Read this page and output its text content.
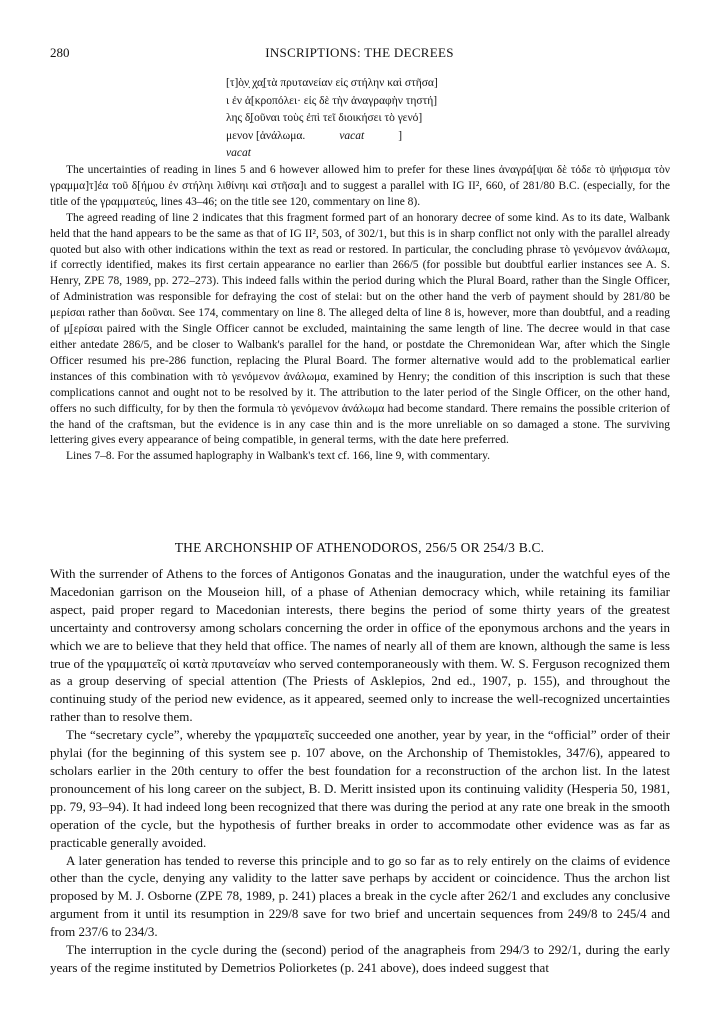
280	INSCRIPTIONS: THE DECREES
[τ]ὸ̣ν̣ χ̣α̣[τὰ πρυτανείαν εἰς στήλην καὶ στῆσα]
ι ἐν ἀ[κροπόλει· εἰς δὲ τὴν ἀναγραφὴν τηστή]
λης δ̣[οῦναι τοὺς ἐπὶ τεῖ διοικήσει τὸ γενό]
μενον [ἀνάλωμα.	vacat	]
vacat

The uncertainties of reading in lines 5 and 6 however allowed him to prefer for these lines ἀναγρά[ψαι δὲ τόδε τὸ ψήφισμα τὸν γραμμα]τ]έα τοῦ δ[ήμου ἐν στήληι λιθίνηι καὶ στῆσα]ι and to suggest a parallel with IG II², 660, of 281/80 B.C. (especially, for the title of the γραμματεύς, lines 43–46; on the title see 120, commentary on line 8).

The agreed reading of line 2 indicates that this fragment formed part of an honorary decree of some kind. As to its date, Walbank held that the hand appears to be the same as that of IG II², 503, of 302/1, but this is in sharp conflict not only with the parallel already quoted but also with other indications within the text as read or restored. In particular, the concluding phrase τὸ γενόμενον ἀνάλωμα, if correctly identified, makes its first certain appearance no earlier than 266/5 (for possible but doubtful earlier instances see A. S. Henry, ZPE 78, 1989, pp. 272–273). This indeed falls within the period during which the Plural Board, rather than the Single Officer, of Administration was responsible for defraying the cost of stelai: but on the other hand the verb of payment should by 281/80 be μερίσαι rather than δοῦναι. See 174, commentary on line 8. The alleged delta of line 8 is, however, more than doubtful, and a reading of μ̣[ερίσαι paired with the Single Officer cannot be excluded, maintaining the same length of line. The decree would in that case either antedate 286/5, and be closer to Walbank's parallel for the hand, or postdate the Chremonidean War, after which the Single Officer resumed his pre-286 function, replacing the Plural Board. The former alternative would add to the problematical earlier instances of this combination with τὸ γενόμενον ἀνάλωμα, examined by Henry; the condition of this inscription is such that these complications cannot and ought not to be resolved by it. The attribution to the later period of the Single Officer, on the other hand, offers no such difficulty, for by then the formula τὸ γενόμενον ἀνάλωμα had become standard. There remains the possible criterion of the hand of the craftsman, but the evidence is in any case thin and is the more unreliable on so damaged a stone. The surviving lettering gives every appearance of being compatible, in general terms, with the date here preferred.

Lines 7–8. For the assumed haplography in Walbank's text cf. 166, line 9, with commentary.

THE ARCHONSHIP OF ATHENODOROS, 256/5 OR 254/3 B.C.

With the surrender of Athens to the forces of Antigonos Gonatas and the inauguration, under the watchful eyes of the Macedonian garrison on the Mouseion hill, of a phase of Athenian democracy which, while retaining its familiar aspect, paid proper regard to Macedonian interests, there begins the period of some thirty years of the greatest uncertainty and controversy among scholars concerning the order in office of the eponymous archons and the years in which we are to believe that they held that office. The names of nearly all of them are known, although the same is less true of the γραμματεῖς οἱ κατὰ πρυτανείαν who served contemporaneously with them. W. S. Ferguson recognized them as a group deserving of special attention (The Priests of Asklepios, 2nd ed., 1907, p. 155), and throughout the continuing study of the period new evidence, as it appeared, seemed only to increase the well-recognized uncertainties rather than to resolve them.

The “secretary cycle”, whereby the γραμματεῖς succeeded one another, year by year, in the “official” order of their phylai (for the beginning of this system see p. 107 above, on the Archonship of Themistokles, 347/6), appeared to scholars earlier in the 20th century to offer the best foundation for a reconstruction of the archon list. In the latest pronouncement of his long career on the subject, B. D. Meritt insisted upon its continuing validity (Hesperia 50, 1981, pp. 79, 93–94). It had indeed long been recognized that there was during the period at any rate one break in the smooth operation of the cycle, but the hypothesis of further breaks in order to accommodate other evidence was as far as practicable generally avoided.

A later generation has tended to reverse this principle and to go so far as to rely entirely on the claims of evidence other than the cycle, denying any validity to the latter save perhaps by accident or coincidence. Thus the archon list proposed by M. J. Osborne (ZPE 78, 1989, p. 241) places a break in the cycle after 262/1 and excludes any conclusive argument from it until its resumption in 229/8 save for two brief and uncertain sequences from 249/8 to 245/4 and from 237/6 to 234/3.

The interruption in the cycle during the (second) period of the anagrapheis from 294/3 to 292/1, during the early years of the regime instituted by Demetrios Poliorketes (p. 241 above), does indeed suggest that
